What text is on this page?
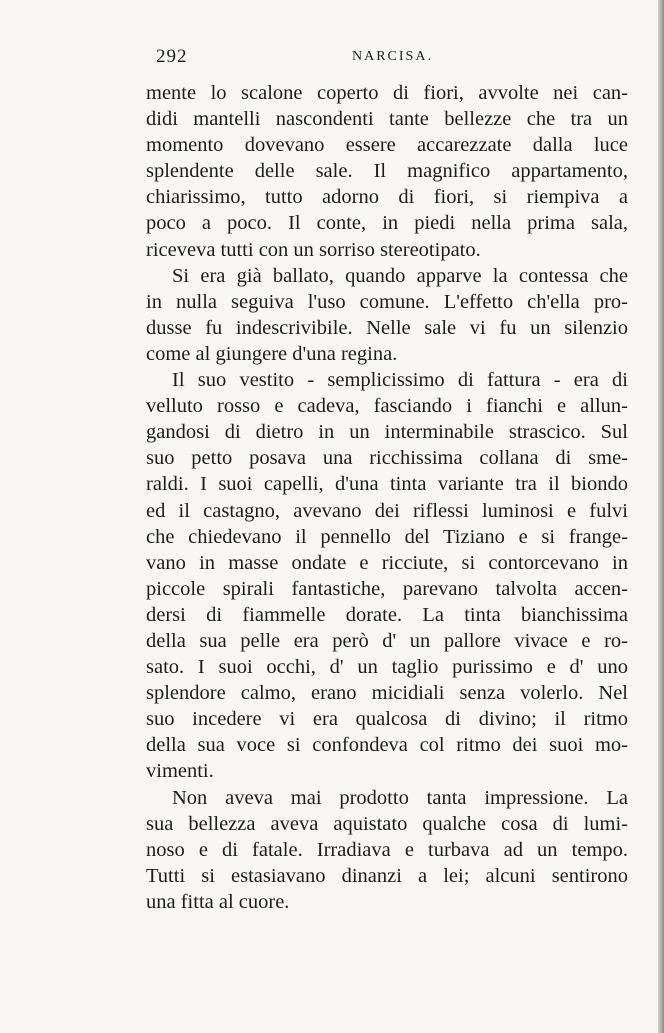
292	NARCISA.
mente lo scalone coperto di fiori, avvolte nei can-
didi mantelli nascondenti tante bellezze che tra un
momento dovevano essere accarezzate dalla luce
splendente delle sale. Il magnifico appartamento,
chiarissimo, tutto adorno di fiori, si riempiva a
poco a poco. Il conte, in piedi nella prima sala,
riceveva tutti con un sorriso stereotipato.
Si era già ballato, quando apparve la contessa che
in nulla seguiva l'uso comune. L'effetto ch'ella pro-
dusse fu indescrivibile. Nelle sale vi fu un silenzio
come al giungere d'una regina.
Il suo vestito - semplicissimo di fattura - era di
velluto rosso e cadeva, fasciando i fianchi e allun-
gandosi di dietro in un interminabile strascico. Sul
suo petto posava una ricchissima collana di sme-
raldi. I suoi capelli, d'una tinta variante tra il biondo
ed il castagno, avevano dei riflessi luminosi e fulvi
che chiedevano il pennello del Tiziano e si frange-
vano in masse ondate e ricciute, si contorcevano in
piccole spirali fantastiche, parevano talvolta accen-
dersi di fiammelle dorate. La tinta bianchissima
della sua pelle era però d' un pallore vivace e ro-
sato. I suoi occhi, d' un taglio purissimo e d' uno
splendore calmo, erano micidiali senza volerlo. Nel
suo incedere vi era qualcosa di divino; il ritmo
della sua voce si confondeva col ritmo dei suoi mo-
vimenti.
Non aveva mai prodotto tanta impressione. La
sua bellezza aveva aquistato qualche cosa di lumi-
noso e di fatale. Irradiava e turbava ad un tempo.
Tutti si estasiavano dinanzi a lei; alcuni sentirono
una fitta al cuore.
